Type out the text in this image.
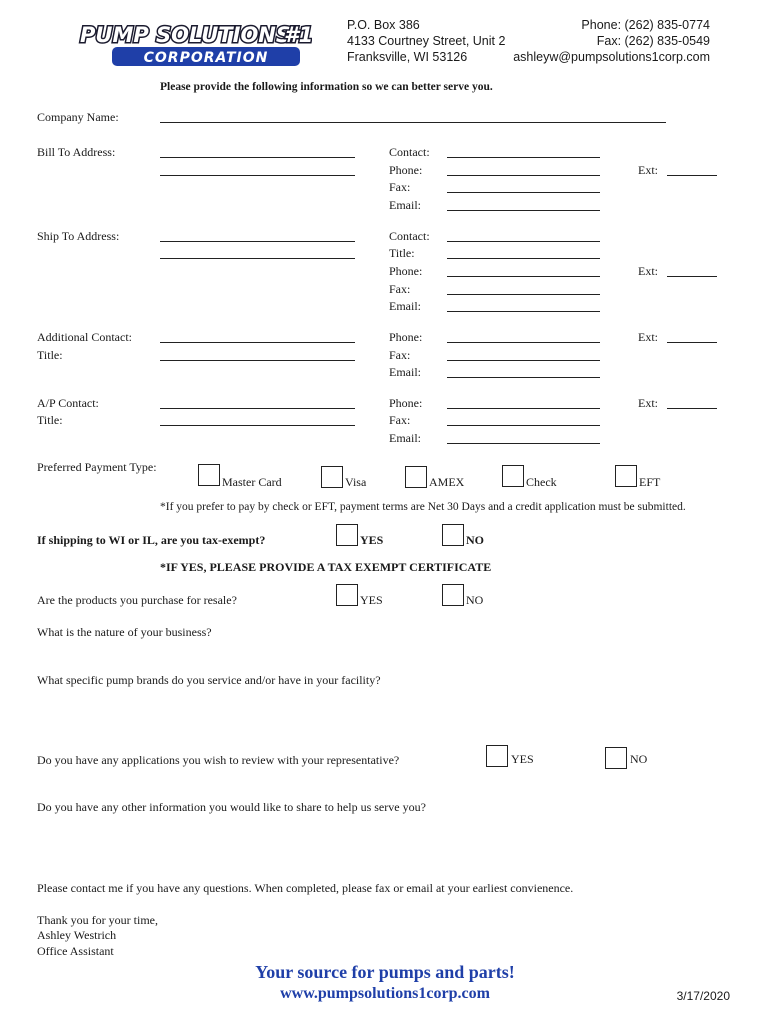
PUMP SOLUTIONS
#1
CORPORATION
P.O. Box 386
4133 Courtney Street, Unit 2
Franksville, WI 53126
Phone: (262) 835-0774
Fax: (262) 835-0549
ashleyw@pumpsolutions1corp.com
Please provide the following information so we can better serve you.
Company Name:
Bill To Address:	Contact:
Phone:	Ext:
Fax:
Email:
Ship To Address:	Contact:
Title:
Phone:	Ext:
Fax:
Email:
Additional Contact:
Title:
Phone:	Ext:
Fax:
Email:
A/P Contact:
Title:
Phone:	Ext:
Fax:
Email:
Preferred Payment Type:
Master Card	Visa	AMEX	Check	EFT
*If you prefer to pay by check or EFT, payment terms are Net 30 Days and a credit application must be submitted.
If shipping to WI or IL, are you tax-exempt?	YES	NO
*IF YES, PLEASE PROVIDE A TAX EXEMPT CERTIFICATE
Are the products you purchase for resale?	YES	NO
What is the nature of your business?
What specific pump brands do you service and/or have in your facility?
Do you have any applications you wish to review with your representative?	YES	NO
Do you have any other information you would like to share to help us serve you?
Please contact me if you have any questions. When completed, please fax or email at your earliest convienence.
Thank you for your time,
Ashley Westrich
Office Assistant
Your source for pumps and parts!
www.pumpsolutions1corp.com	3/17/2020
